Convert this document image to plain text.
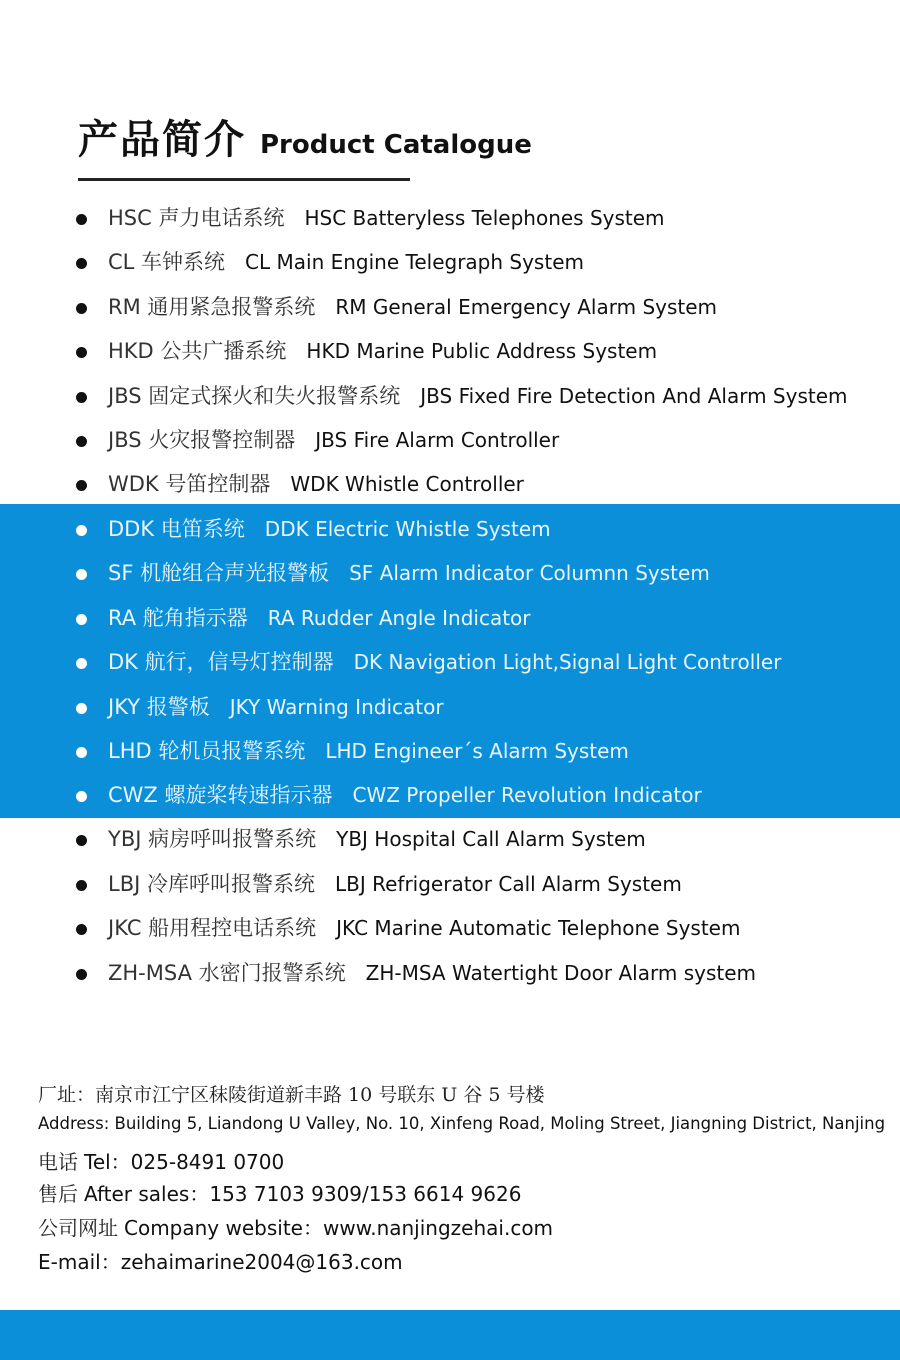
产品简介 Product Catalogue
HSC 声力电话系统 HSC Batteryless Telephones System
CL 车钟系统 CL Main Engine Telegraph System
RM 通用紧急报警系统 RM General Emergency Alarm System
HKD 公共广播系统 HKD Marine Public Address System
JBS 固定式探火和失火报警系统 JBS Fixed Fire Detection And Alarm System
JBS 火灾报警控制器 JBS Fire Alarm Controller
WDK 号笛控制器 WDK Whistle Controller
DDK 电笛系统 DDK Electric Whistle System
SF 机舱组合声光报警板 SF Alarm Indicator Columnn System
RA 舵角指示器 RA Rudder Angle Indicator
DK 航行，信号灯控制器 DK Navigation Light,Signal Light Controller
JKY 报警板 JKY Warning Indicator
LHD 轮机员报警系统 LHD Engineer´s Alarm System
CWZ 螺旋桨转速指示器 CWZ Propeller Revolution Indicator
YBJ 病房呼叫报警系统 YBJ Hospital Call Alarm System
LBJ 冷库呼叫报警系统 LBJ Refrigerator Call Alarm System
JKC 船用程控电话系统 JKC Marine Automatic Telephone System
ZH-MSA 水密门报警系统 ZH-MSA Watertight Door Alarm system
厂址：南京市江宁区秣陵街道新丰路 10 号联东 U 谷 5 号楼
Address: Building 5, Liandong U Valley, No. 10, Xinfeng Road, Moling Street, Jiangning District, Nanjing
电话 Tel：025-8491 0700
售后 After sales：153 7103 9309/153 6614 9626
公司网址 Company website：www.nanjingzehai.com
E-mail：zehaimarine2004@163.com
